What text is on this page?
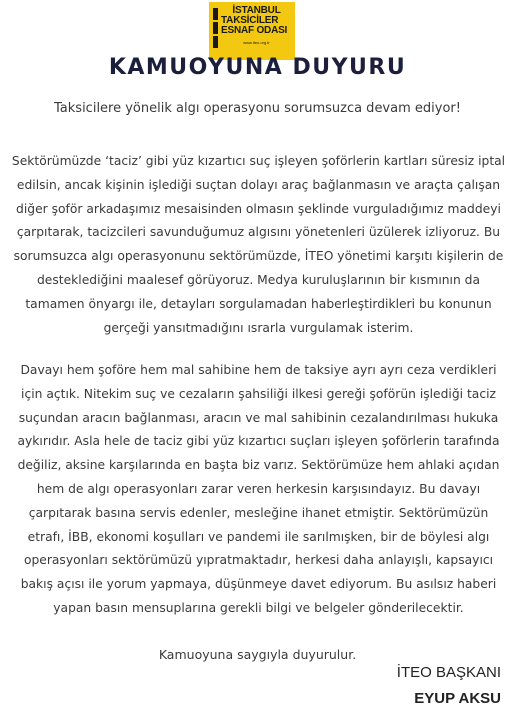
İSTANBUL
TAKSİCİLER
ESNAF ODASI
www.iteo.org.tr
KAMUOYUNA DUYURU
Taksicilere yönelik algı operasyonu sorumsuzca devam ediyor!
Sektörümüzde ‘taciz’ gibi yüz kızartıcı suç işleyen şoförlerin kartları süresiz iptal edilsin, ancak kişinin işlediği suçtan dolayı araç bağlanmasın ve araçta çalışan diğer şoför arkadaşımız mesaisinden olmasın şeklinde vurguladığımız maddeyi çarpıtarak, tacizcileri savunduğumuz algısını yönetenleri üzülerek izliyoruz. Bu sorumsuzca algı operasyonunu sektörümüzde, İTEO yönetimi karşıtı kişilerin de desteklediğini maalesef görüyoruz. Medya kuruluşlarının bir kısmının da tamamen önyargı ile, detayları sorgulamadan haberleştirdikleri bu konunun gerçeği yansıtmadığını ısrarla vurgulamak isterim.
Davayı hem şoföre hem mal sahibine hem de taksiye ayrı ayrı ceza verdikleri için açtık. Nitekim suç ve cezaların şahsiliği ilkesi gereği şoförün işlediği taciz suçundan aracın bağlanması, aracın ve mal sahibinin cezalandırılması hukuka aykırıdır. Asla hele de taciz gibi yüz kızartıcı suçları işleyen şoförlerin tarafında değiliz, aksine karşılarında en başta biz varız. Sektörümüze hem ahlaki açıdan hem de algı operasyonları zarar veren herkesin karşısındayız. Bu davayı çarpıtarak basına servis edenler, mesleğine ihanet etmiştir. Sektörümüzün etrafı, İBB, ekonomi koşulları ve pandemi ile sarılmışken, bir de böylesi algı operasyonları sektörümüzü yıpratmaktadır, herkesi daha anlayışlı, kapsayıcı bakış açısı ile yorum yapmaya, düşünmeye davet ediyorum. Bu asılsız haberi yapan basın mensuplarına gerekli bilgi ve belgeler gönderilecektir.
Kamuoyuna saygıyla duyurulur.
İTEO BAŞKANI
EYUP AKSU
